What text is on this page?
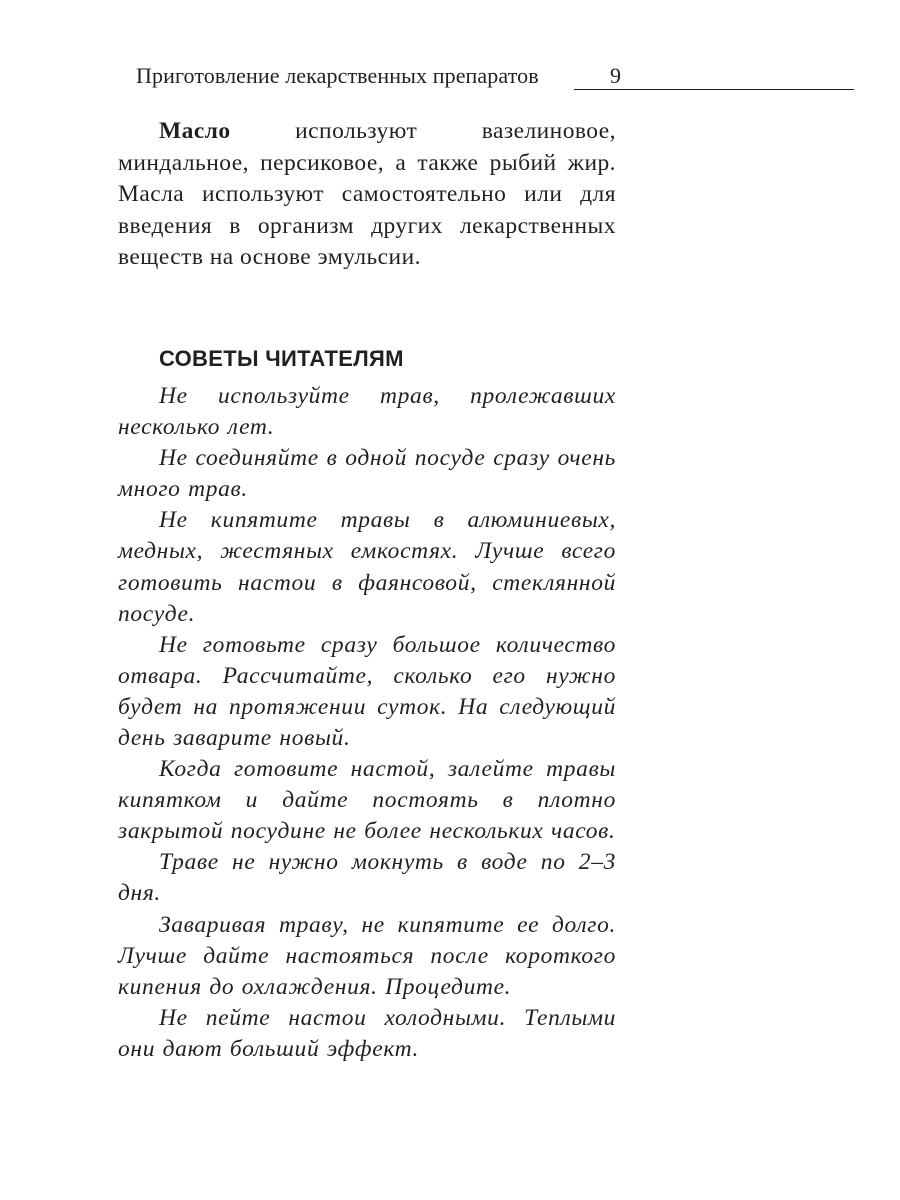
Приготовление лекарственных препаратов	9

Масло используют вазелиновое, миндальное, персиковое, а также рыбий жир. Масла используют самостоятельно или для введения в организм других лекарственных веществ на основе эмульсии.

СОВЕТЫ ЧИТАТЕЛЯМ

Не используйте трав, пролежавших несколько лет.

Не соединяйте в одной посуде сразу очень много трав.

Не кипятите травы в алюминиевых, медных, жестяных емкостях. Лучше всего готовить настои в фаянсовой, стеклянной посуде.

Не готовьте сразу большое количество отвара. Рассчитайте, сколько его нужно будет на протяжении суток. На следующий день заварите новый.

Когда готовите настой, залейте травы кипятком и дайте постоять в плотно закрытой посудине не более нескольких часов.

Траве не нужно мокнуть в воде по 2–3 дня.

Заваривая траву, не кипятите ее долго. Лучше дайте настояться после короткого кипения до охлаждения. Процедите.

Не пейте настои холодными. Теплыми они дают больший эффект.
